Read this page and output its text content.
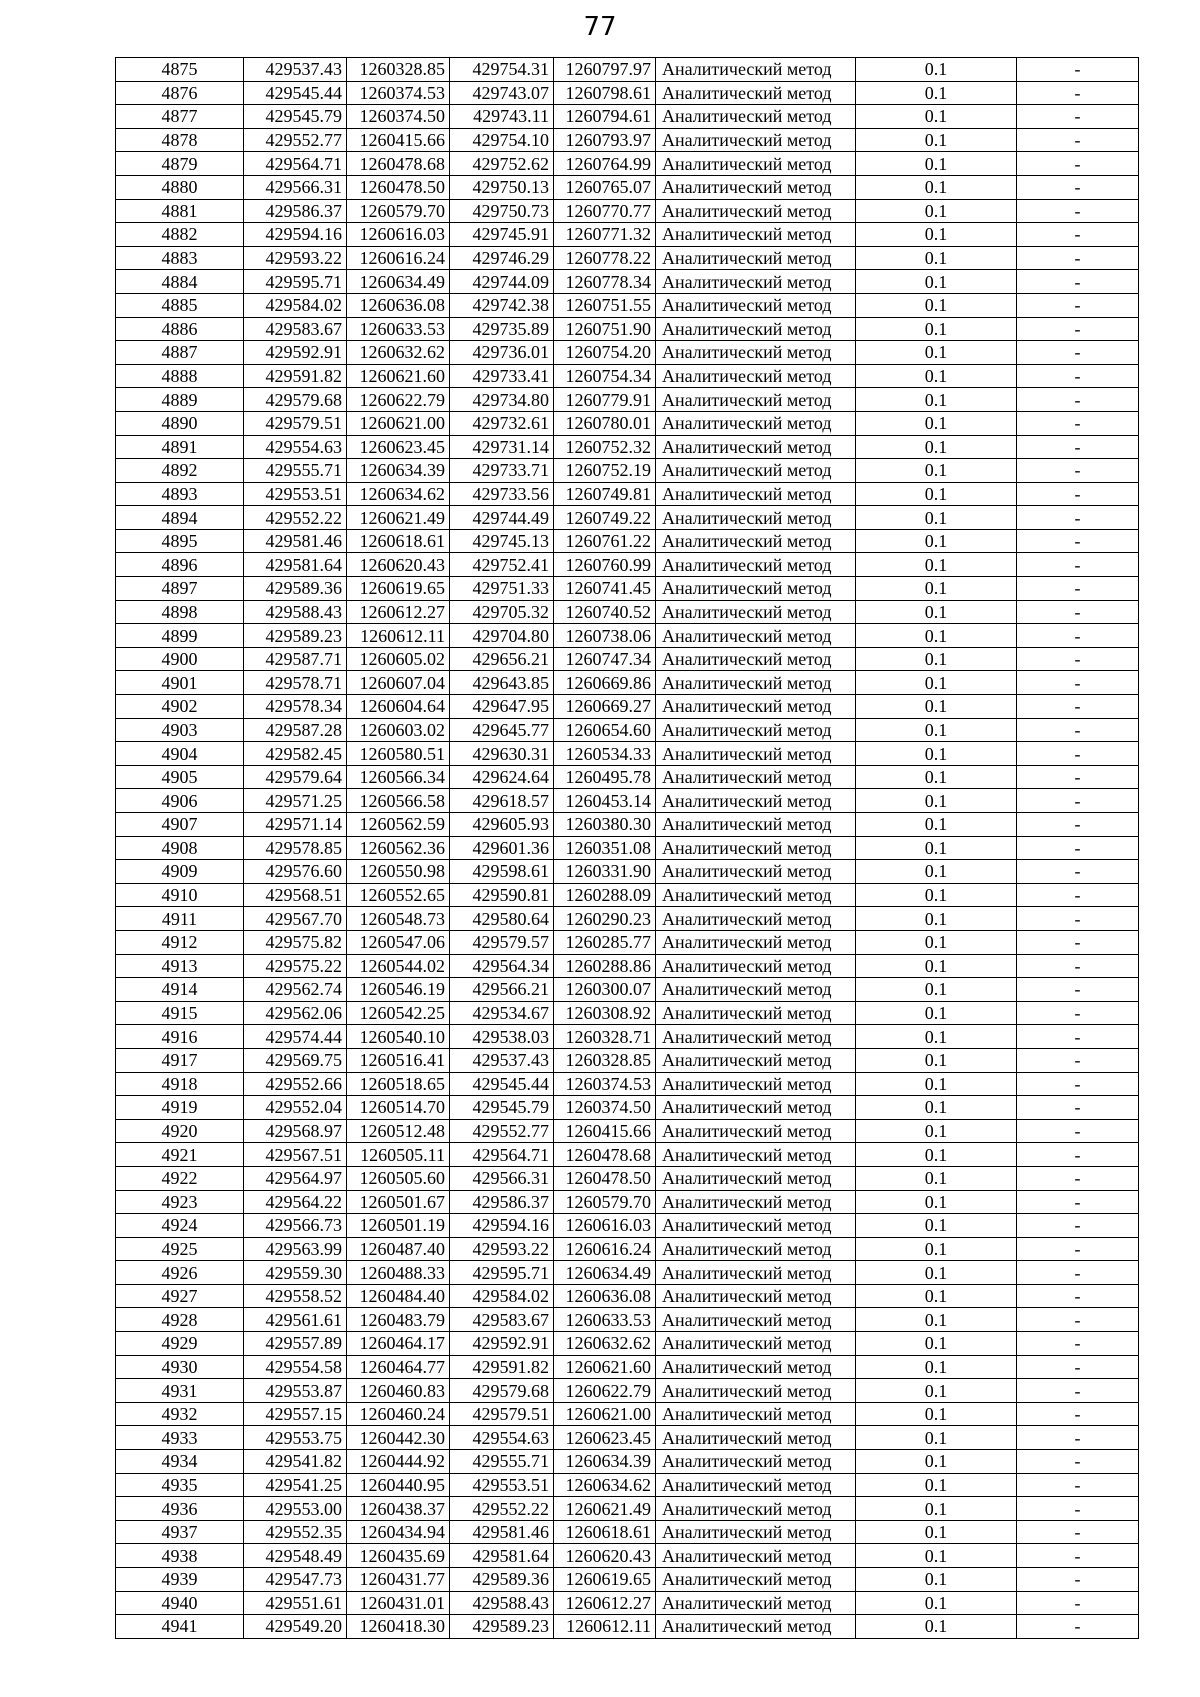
77
4875	429537.43	1260328.85	429754.31	1260797.97	Аналитический метод	0.1	-
4876	429545.44	1260374.53	429743.07	1260798.61	Аналитический метод	0.1	-
4877	429545.79	1260374.50	429743.11	1260794.61	Аналитический метод	0.1	-
4878	429552.77	1260415.66	429754.10	1260793.97	Аналитический метод	0.1	-
4879	429564.71	1260478.68	429752.62	1260764.99	Аналитический метод	0.1	-
4880	429566.31	1260478.50	429750.13	1260765.07	Аналитический метод	0.1	-
4881	429586.37	1260579.70	429750.73	1260770.77	Аналитический метод	0.1	-
4882	429594.16	1260616.03	429745.91	1260771.32	Аналитический метод	0.1	-
4883	429593.22	1260616.24	429746.29	1260778.22	Аналитический метод	0.1	-
4884	429595.71	1260634.49	429744.09	1260778.34	Аналитический метод	0.1	-
4885	429584.02	1260636.08	429742.38	1260751.55	Аналитический метод	0.1	-
4886	429583.67	1260633.53	429735.89	1260751.90	Аналитический метод	0.1	-
4887	429592.91	1260632.62	429736.01	1260754.20	Аналитический метод	0.1	-
4888	429591.82	1260621.60	429733.41	1260754.34	Аналитический метод	0.1	-
4889	429579.68	1260622.79	429734.80	1260779.91	Аналитический метод	0.1	-
4890	429579.51	1260621.00	429732.61	1260780.01	Аналитический метод	0.1	-
4891	429554.63	1260623.45	429731.14	1260752.32	Аналитический метод	0.1	-
4892	429555.71	1260634.39	429733.71	1260752.19	Аналитический метод	0.1	-
4893	429553.51	1260634.62	429733.56	1260749.81	Аналитический метод	0.1	-
4894	429552.22	1260621.49	429744.49	1260749.22	Аналитический метод	0.1	-
4895	429581.46	1260618.61	429745.13	1260761.22	Аналитический метод	0.1	-
4896	429581.64	1260620.43	429752.41	1260760.99	Аналитический метод	0.1	-
4897	429589.36	1260619.65	429751.33	1260741.45	Аналитический метод	0.1	-
4898	429588.43	1260612.27	429705.32	1260740.52	Аналитический метод	0.1	-
4899	429589.23	1260612.11	429704.80	1260738.06	Аналитический метод	0.1	-
4900	429587.71	1260605.02	429656.21	1260747.34	Аналитический метод	0.1	-
4901	429578.71	1260607.04	429643.85	1260669.86	Аналитический метод	0.1	-
4902	429578.34	1260604.64	429647.95	1260669.27	Аналитический метод	0.1	-
4903	429587.28	1260603.02	429645.77	1260654.60	Аналитический метод	0.1	-
4904	429582.45	1260580.51	429630.31	1260534.33	Аналитический метод	0.1	-
4905	429579.64	1260566.34	429624.64	1260495.78	Аналитический метод	0.1	-
4906	429571.25	1260566.58	429618.57	1260453.14	Аналитический метод	0.1	-
4907	429571.14	1260562.59	429605.93	1260380.30	Аналитический метод	0.1	-
4908	429578.85	1260562.36	429601.36	1260351.08	Аналитический метод	0.1	-
4909	429576.60	1260550.98	429598.61	1260331.90	Аналитический метод	0.1	-
4910	429568.51	1260552.65	429590.81	1260288.09	Аналитический метод	0.1	-
4911	429567.70	1260548.73	429580.64	1260290.23	Аналитический метод	0.1	-
4912	429575.82	1260547.06	429579.57	1260285.77	Аналитический метод	0.1	-
4913	429575.22	1260544.02	429564.34	1260288.86	Аналитический метод	0.1	-
4914	429562.74	1260546.19	429566.21	1260300.07	Аналитический метод	0.1	-
4915	429562.06	1260542.25	429534.67	1260308.92	Аналитический метод	0.1	-
4916	429574.44	1260540.10	429538.03	1260328.71	Аналитический метод	0.1	-
4917	429569.75	1260516.41	429537.43	1260328.85	Аналитический метод	0.1	-
4918	429552.66	1260518.65	429545.44	1260374.53	Аналитический метод	0.1	-
4919	429552.04	1260514.70	429545.79	1260374.50	Аналитический метод	0.1	-
4920	429568.97	1260512.48	429552.77	1260415.66	Аналитический метод	0.1	-
4921	429567.51	1260505.11	429564.71	1260478.68	Аналитический метод	0.1	-
4922	429564.97	1260505.60	429566.31	1260478.50	Аналитический метод	0.1	-
4923	429564.22	1260501.67	429586.37	1260579.70	Аналитический метод	0.1	-
4924	429566.73	1260501.19	429594.16	1260616.03	Аналитический метод	0.1	-
4925	429563.99	1260487.40	429593.22	1260616.24	Аналитический метод	0.1	-
4926	429559.30	1260488.33	429595.71	1260634.49	Аналитический метод	0.1	-
4927	429558.52	1260484.40	429584.02	1260636.08	Аналитический метод	0.1	-
4928	429561.61	1260483.79	429583.67	1260633.53	Аналитический метод	0.1	-
4929	429557.89	1260464.17	429592.91	1260632.62	Аналитический метод	0.1	-
4930	429554.58	1260464.77	429591.82	1260621.60	Аналитический метод	0.1	-
4931	429553.87	1260460.83	429579.68	1260622.79	Аналитический метод	0.1	-
4932	429557.15	1260460.24	429579.51	1260621.00	Аналитический метод	0.1	-
4933	429553.75	1260442.30	429554.63	1260623.45	Аналитический метод	0.1	-
4934	429541.82	1260444.92	429555.71	1260634.39	Аналитический метод	0.1	-
4935	429541.25	1260440.95	429553.51	1260634.62	Аналитический метод	0.1	-
4936	429553.00	1260438.37	429552.22	1260621.49	Аналитический метод	0.1	-
4937	429552.35	1260434.94	429581.46	1260618.61	Аналитический метод	0.1	-
4938	429548.49	1260435.69	429581.64	1260620.43	Аналитический метод	0.1	-
4939	429547.73	1260431.77	429589.36	1260619.65	Аналитический метод	0.1	-
4940	429551.61	1260431.01	429588.43	1260612.27	Аналитический метод	0.1	-
4941	429549.20	1260418.30	429589.23	1260612.11	Аналитический метод	0.1	-
